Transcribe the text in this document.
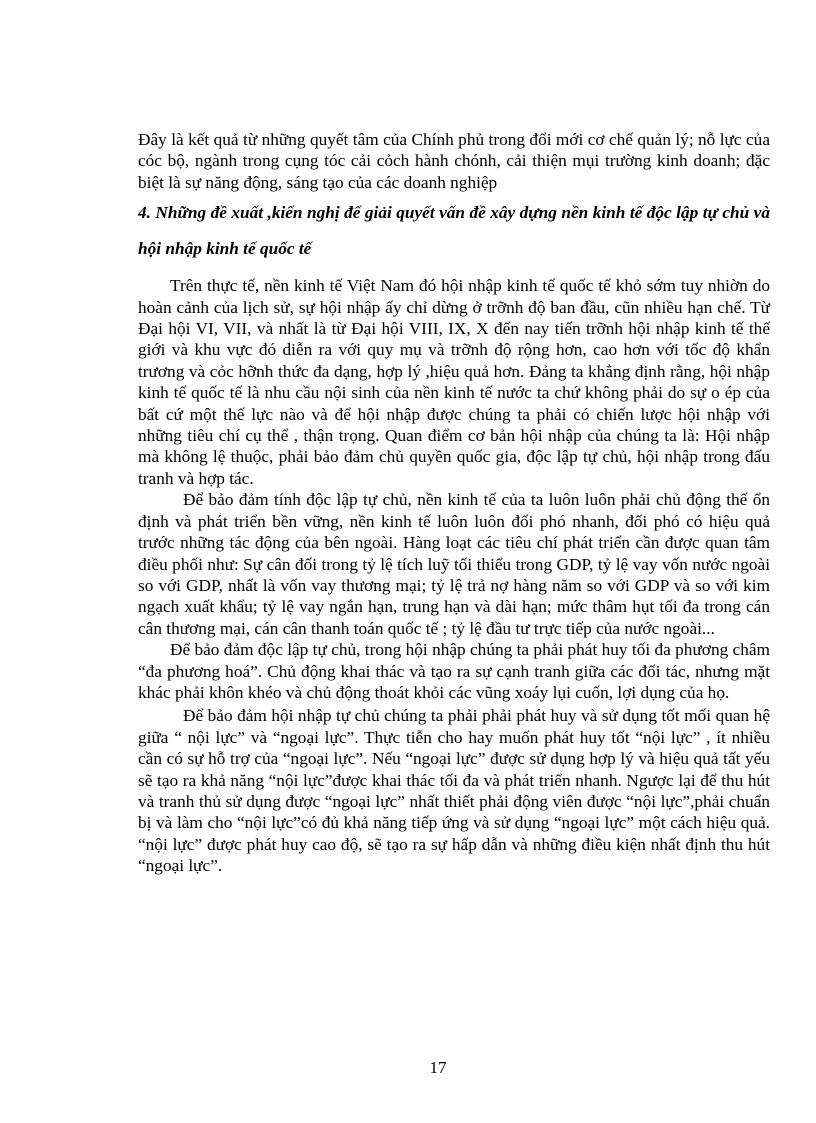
Đây là kết quả từ những quyết tâm của Chính phủ trong đổi mới cơ chế quản lý; nỗ lực của cóc bộ, ngành trong cụng tóc cải cỏch hành chónh, cải thiện mụi trường kinh doanh; đặc biệt là sự năng động, sáng tạo của các doanh nghiệp

4. Những đề xuất ,kiến nghị để giải quyết vấn đề xây dựng nền kinh tế độc lập tự chủ và hội nhập kinh tế quốc tế

Trên thực tế, nền kinh tế Việt Nam đó hội nhập kinh tế quốc tế khỏ sớm tuy nhiờn do hoàn cảnh của lịch sử, sự hội nhập ấy chỉ dừng ở trỡnh độ ban đầu, cũn nhiều hạn chế. Từ Đại hội VI, VII, và nhất là từ Đại hội VIII, IX, X đến nay tiến trỡnh hội nhập kinh tế thế giới và khu vực đó diễn ra với quy mụ và trỡnh độ rộng hơn, cao hơn với tốc độ khẩn trương và cỏc hỡnh thức đa dạng, hợp lý ,hiệu quả hơn. Đảng ta khẳng định rằng, hội nhập kinh tế quốc tế là nhu cầu nội sinh của nền kinh tế nước ta chứ không phải do sự o ép của bất cứ một thế lực nào và để hội nhập được chúng ta phải có chiến lược hội nhập với những tiêu chí cụ thể , thận trọng. Quan điểm cơ bản hội nhập của chúng ta là: Hội nhập mà không lệ thuộc, phải bảo đảm chủ quyền quốc gia, độc lập tự chủ, hội nhập trong đấu tranh và hợp tác.

Để bảo đảm tính độc lập tự chủ, nền kinh tế của ta luôn luôn phải chủ động thế ổn định và phát triển bền vững, nền kinh tế luôn luôn đối phó nhanh, đối phó có hiệu quả trước những tác động của bên ngoài. Hàng loạt các tiêu chí phát triển cần được quan tâm điều phối như: Sự cân đối trong tỷ lệ tích luỹ tối thiểu trong GDP, tỷ lệ vay vốn nước ngoài so với GDP, nhất là vốn vay thương mại; tỷ lệ trả nợ hàng năm so với GDP và so với kim ngạch xuất khẩu; tỷ lệ vay ngắn hạn, trung hạn và dài hạn; mức thâm hụt tối đa trong cán cân thương mại, cán cân thanh toán quốc tế ; tỷ lệ đầu tư trực tiếp của nước ngoài...

Để bảo đảm độc lập tự chủ, trong hội nhập chúng ta phải phát huy tối đa phương châm “đa phương hoá”. Chủ động khai thác và tạo ra sự cạnh tranh giữa các đối tác, nhưng mặt khác phải khôn khéo và chủ động thoát khỏi các vũng xoáy lụi cuốn, lợi dụng của họ.

Để bảo đảm hội nhập tự chủ chúng ta phải phải phát huy và sử dụng tốt mối quan hệ giữa “ nội lực” và “ngoại lực”. Thực tiễn cho hay muốn phát huy tốt “nội lực” , ít nhiều cần có sự hỗ trợ của “ngoại lực”. Nếu “ngoại lực” được sử dụng hợp lý và hiệu quả tất yếu sẽ tạo ra khả năng “nội lực”được khai thác tối đa và phát triển nhanh. Ngược lại để thu hút và tranh thủ sử dụng được “ngoại lực” nhất thiết phải động viên được “nội lực”,phải chuẩn bị và làm cho “nội lực”có đủ khả năng tiếp ứng và sử dụng “ngoại lực” một cách hiệu quả. “nội lực” được phát huy cao độ, sẽ tạo ra sự hấp dẫn và những điều kiện nhất định thu hút “ngoại lực”.

17
